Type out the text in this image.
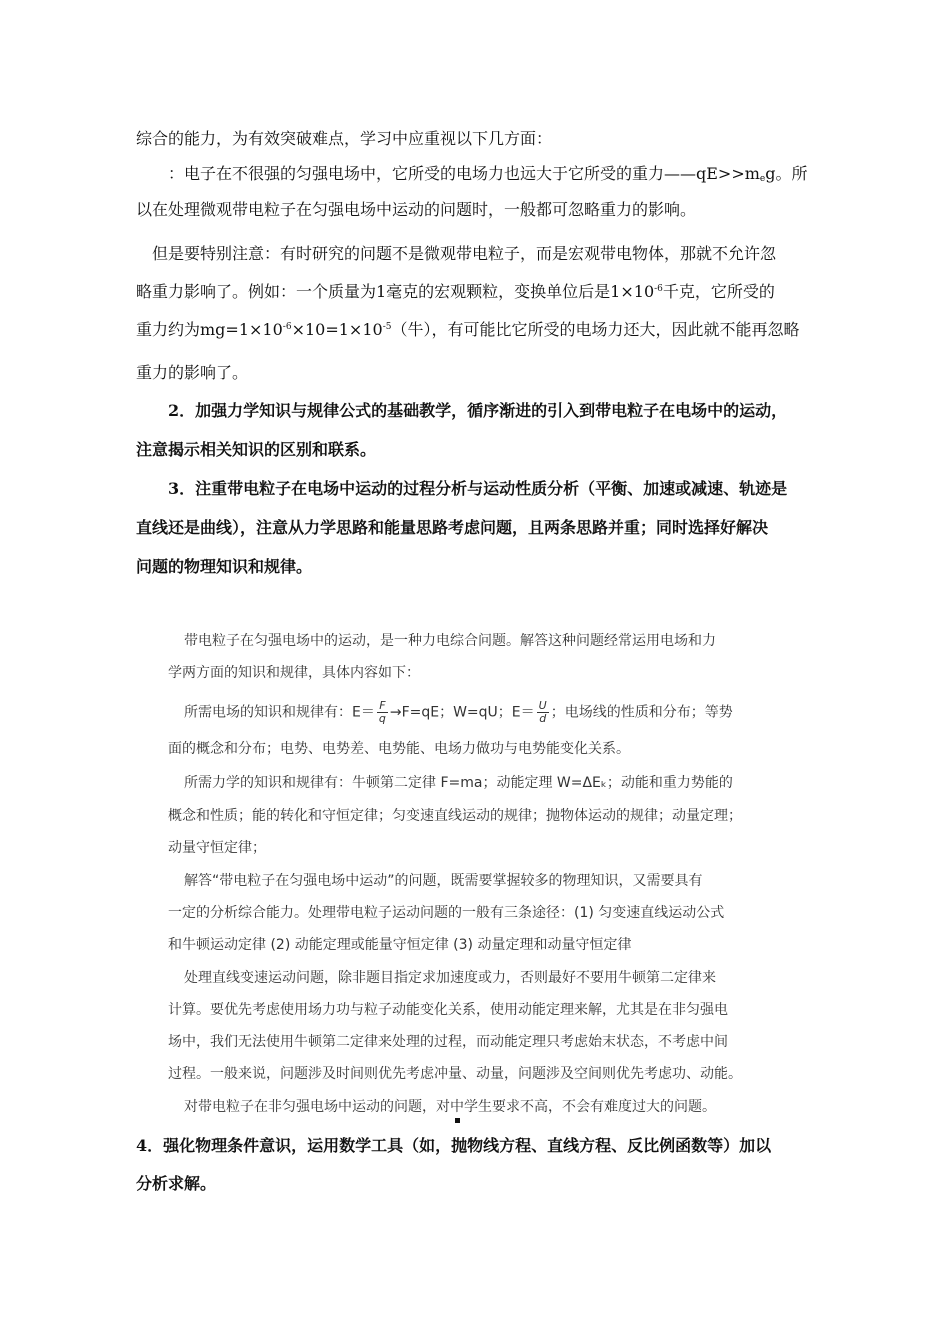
综合的能力，为有效突破难点，学习中应重视以下几方面：
：电子在不很强的匀强电场中，它所受的电场力也远大于它所受的重力$——qE>>m_eg$。所
以在处理微观带电粒子在匀强电场中运动的问题时，一般都可忽略重力的影响。
但是要特别注意：有时研究的问题不是微观带电粒子，而是宏观带电物体，那就不允许忽
略重力影响了。例如：一个质量为1毫克的宏观颗粒，变换单位后是$1\times 10^{-6}$千克，它所受的
重力约为$mg=1\times 10^{-6}\times 10=1\times 10^{-5}$（牛），有可能比它所受的电场力还大，因此就不能再忽略
重力的影响了。
2．加强力学知识与规律公式的基础教学，循序渐进的引入到带电粒子在电场中的运动，
注意揭示相关知识的区别和联系。
3．注重带电粒子在电场中运动的过程分析与运动性质分析（平衡、加速或减速、轨迹是
直线还是曲线），注意从力学思路和能量思路考虑问题，且两条思路并重；同时选择好解决
问题的物理知识和规律。
带电粒子在匀强电场中的运动，是一种力电综合问题。解答这种问题经常运用电场和力
学两方面的知识和规律，具体内容如下：
所需电场的知识和规律有：$E= \frac{F}{q} \to F=qE$；W=qU；$E= \frac{U}{d}$ ；电场线的性质和分布；等势
面的概念和分布；电势、电势差、电势能、电场力做功与电势能变化关系。
所需力学的知识和规律有：牛顿第二定律 F=ma；动能定理 W=ΔEₖ；动能和重力势能的
概念和性质；能的转化和守恒定律；匀变速直线运动的规律；抛物体运动的规律；动量定理；
动量守恒定律；
解答“带电粒子在匀强电场中运动”的问题，既需要掌握较多的物理知识，又需要具有
一定的分析综合能力。处理带电粒子运动问题的一般有三条途径：(1) 匀变速直线运动公式
和牛顿运动定律 (2) 动能定理或能量守恒定律 (3) 动量定理和动量守恒定律
处理直线变速运动问题，除非题目指定求加速度或力，否则最好不要用牛顿第二定律来
计算。要优先考虑使用场力功与粒子动能变化关系，使用动能定理来解，尤其是在非匀强电
场中，我们无法使用牛顿第二定律来处理的过程，而动能定理只考虑始末状态，不考虑中间
过程。一般来说，问题涉及时间则优先考虑冲量、动量，问题涉及空间则优先考虑功、动能。
对带电粒子在非匀强电场中运动的问题，对中学生要求不高，不会有难度过大的问题。
4．强化物理条件意识，运用数学工具（如，抛物线方程、直线方程、反比例函数等）加以
分析求解。
